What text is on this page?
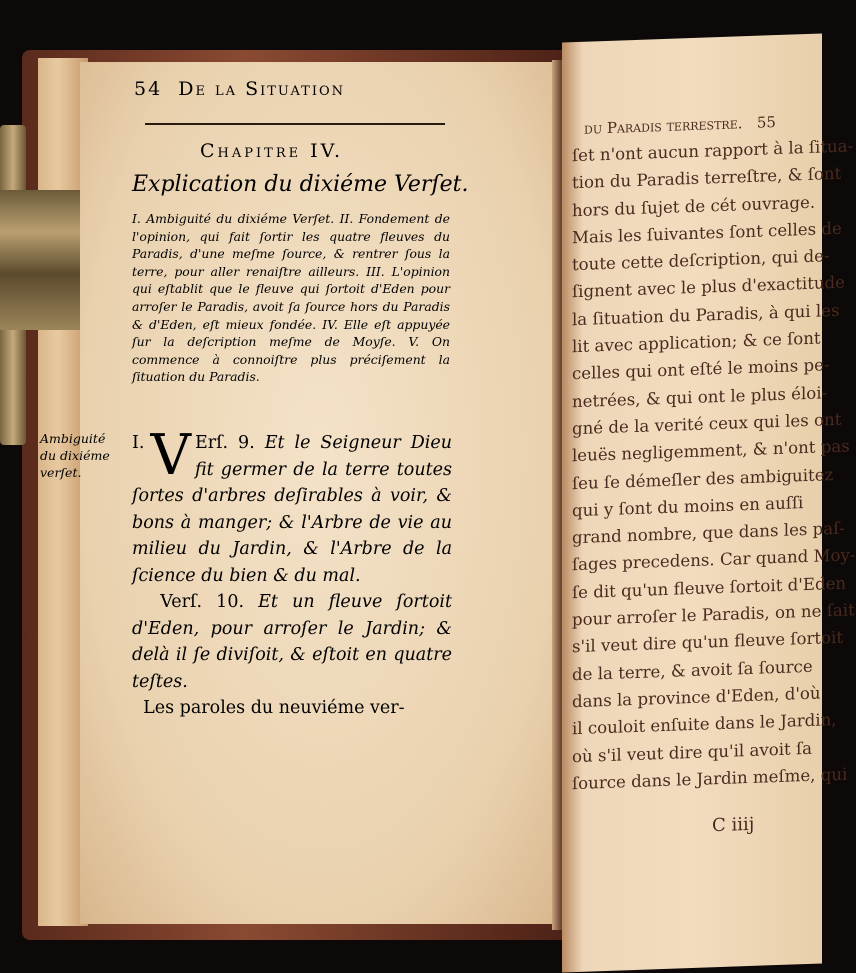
54 De la Situation
Chapitre IV.
Explication du dixiéme Verſet.
I. Ambiguité du dixiéme Verſet. II. Fondement de l'opinion, qui fait ſortir les quatre fleuves du Paradis, d'une meſme ſource, & rentrer ſous la terre, pour aller renaiſtre ailleurs. III. L'opinion qui eſtablit que le fleuve qui ſortoit d'Eden pour arroſer le Paradis, avoit ſa ſource hors du Paradis & d'Eden, eſt mieux fondée. IV. Elle eſt appuyée ſur la deſcription meſme de Moyſe. V. On commence à connoiſtre plus préciſement la ſituation du Paradis.
Ambiguité du dixiéme verſet.
I. V Erſ. 9. Et le Seigneur Dieu fit germer de la terre toutes ſortes d'arbres deſirables à voir, & bons à manger; & l'Arbre de vie au milieu du Jardin, & l'Arbre de la ſcience du bien & du mal.
Verſ. 10. Et un fleuve ſortoit d'Eden, pour arroſer le Jardin; & delà il ſe diviſoit, & eſtoit en quatre teſtes.
Les paroles du neuviéme ver-
du Paradis terreſtre. 55
ſet n'ont aucun rapport à la ſitua-
tion du Paradis terreſtre, & ſont
hors du ſujet de cét ouvrage.
Mais les ſuivantes ſont celles de
toute cette deſcription, qui de-
ſignent avec le plus d'exactitude
la ſituation du Paradis, à qui les
lit avec application; & ce ſont
celles qui ont eſté le moins pe-
netrées, & qui ont le plus éloi-
gné de la verité ceux qui les ont
leuës negligemment, & n'ont pas
ſeu ſe démeſler des ambiguitez
qui y ſont du moins en auſſi
grand nombre, que dans les paſ-
ſages precedens. Car quand Moy-
ſe dit qu'un fleuve ſortoit d'Eden
pour arroſer le Paradis, on ne ſait
s'il veut dire qu'un fleuve ſortoit
de la terre, & avoit ſa ſource
dans la province d'Eden, d'où
il couloit enſuite dans le Jardin,
où s'il veut dire qu'il avoit ſa
ſource dans le Jardin meſme, qui
C iiij
